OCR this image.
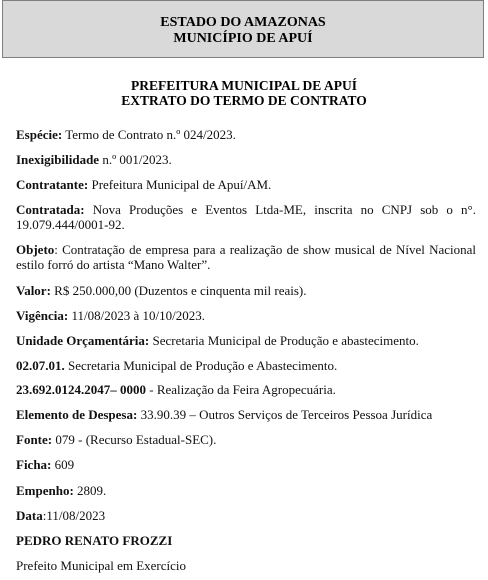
ESTADO DO AMAZONAS
MUNICÍPIO DE APUÍ
PREFEITURA MUNICIPAL DE APUÍ
EXTRATO DO TERMO DE CONTRATO
Espécie: Termo de Contrato n.º 024/2023.
Inexigibilidade n.º 001/2023.
Contratante: Prefeitura Municipal de Apuí/AM.
Contratada: Nova Produções e Eventos Ltda-ME, inscrita no CNPJ sob o n°. 19.079.444/0001-92.
Objeto: Contratação de empresa para a realização de show musical de Nível Nacional estilo forró do artista “Mano Walter”.
Valor: R$ 250.000,00 (Duzentos e cinquenta mil reais).
Vigência: 11/08/2023 à 10/10/2023.
Unidade Orçamentária: Secretaria Municipal de Produção e abastecimento.
02.07.01. Secretaria Municipal de Produção e Abastecimento.
23.692.0124.2047– 0000 - Realização da Feira Agropecuária.
Elemento de Despesa: 33.90.39 – Outros Serviços de Terceiros Pessoa Jurídica
Fonte: 079 - (Recurso Estadual-SEC).
Ficha: 609
Empenho: 2809.
Data:11/08/2023
PEDRO RENATO FROZZI
Prefeito Municipal em Exercício
